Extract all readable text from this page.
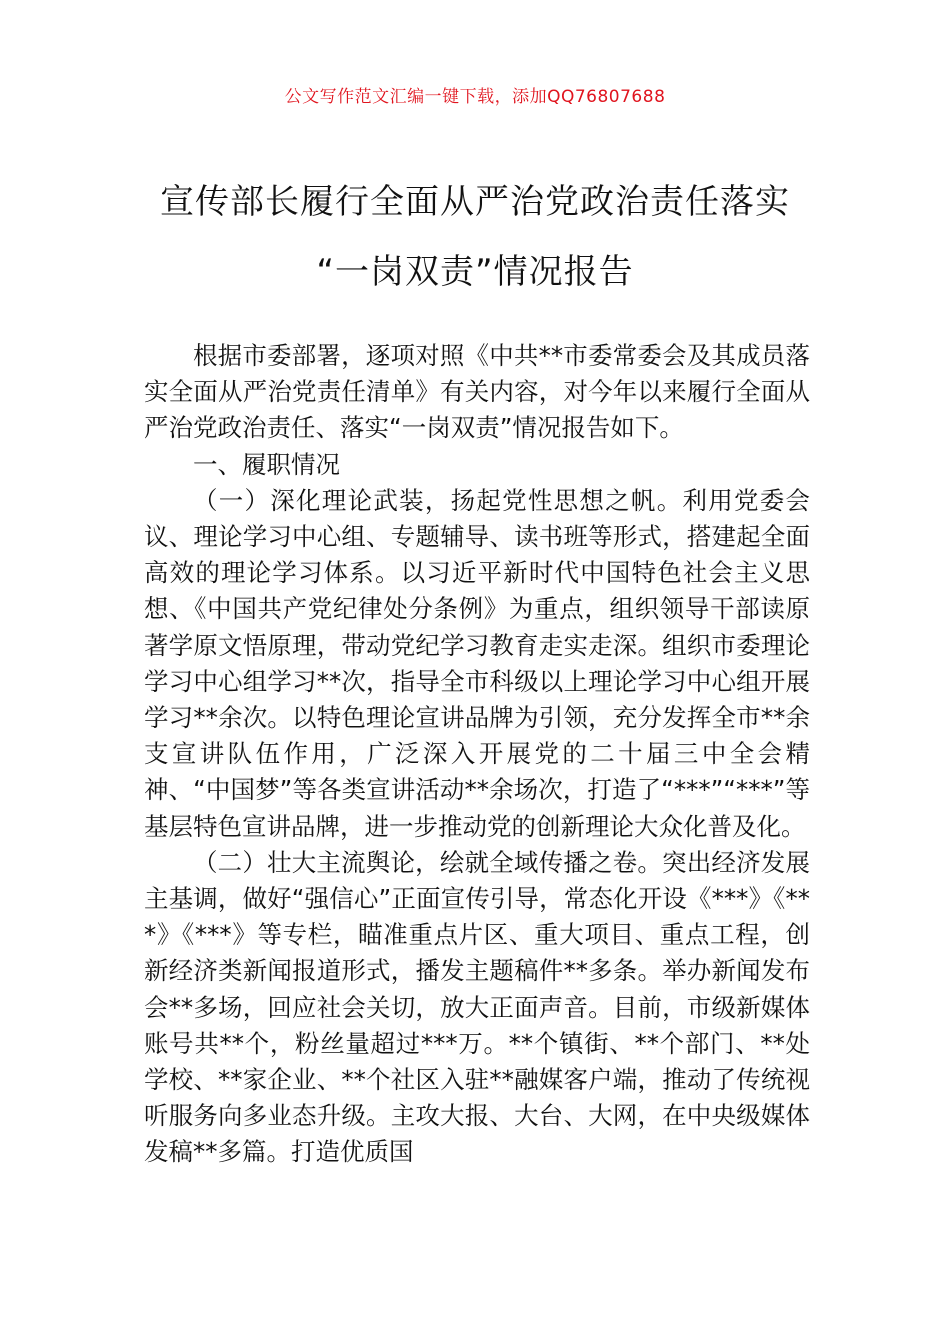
公文写作范文汇编一键下载，添加QQ76807688
宣传部长履行全面从严治党政治责任落实
“一岗双责”情况报告

根据市委部署，逐项对照《中共**市委常委会及其成员落实全面从严治党责任清单》有关内容，对今年以来履行全面从严治党政治责任、落实“一岗双责”情况报告如下。

一、履职情况

（一）深化理论武装，扬起党性思想之帆。利用党委会议、理论学习中心组、专题辅导、读书班等形式，搭建起全面高效的理论学习体系。以习近平新时代中国特色社会主义思想、《中国共产党纪律处分条例》为重点，组织领导干部读原著学原文悟原理，带动党纪学习教育走实走深。组织市委理论学习中心组学习**次，指导全市科级以上理论学习中心组开展学习**余次。以特色理论宣讲品牌为引领，充分发挥全市**余支宣讲队伍作用，广泛深入开展党的二十届三中全会精神、“中国梦”等各类宣讲活动**余场次，打造了“***”“***”等基层特色宣讲品牌，进一步推动党的创新理论大众化普及化。

（二）壮大主流舆论，绘就全域传播之卷。突出经济发展主基调，做好“强信心”正面宣传引导，常态化开设《***》《***》《***》等专栏，瞄准重点片区、重大项目、重点工程，创新经济类新闻报道形式，播发主题稿件**多条。举办新闻发布会**多场，回应社会关切，放大正面声音。目前，市级新媒体账号共**个，粉丝量超过***万。**个镇街、**个部门、**处学校、**家企业、**个社区入驻**融媒客户端，推动了传统视听服务向多业态升级。主攻大报、大台、大网，在中央级媒体发稿**多篇。打造优质国
